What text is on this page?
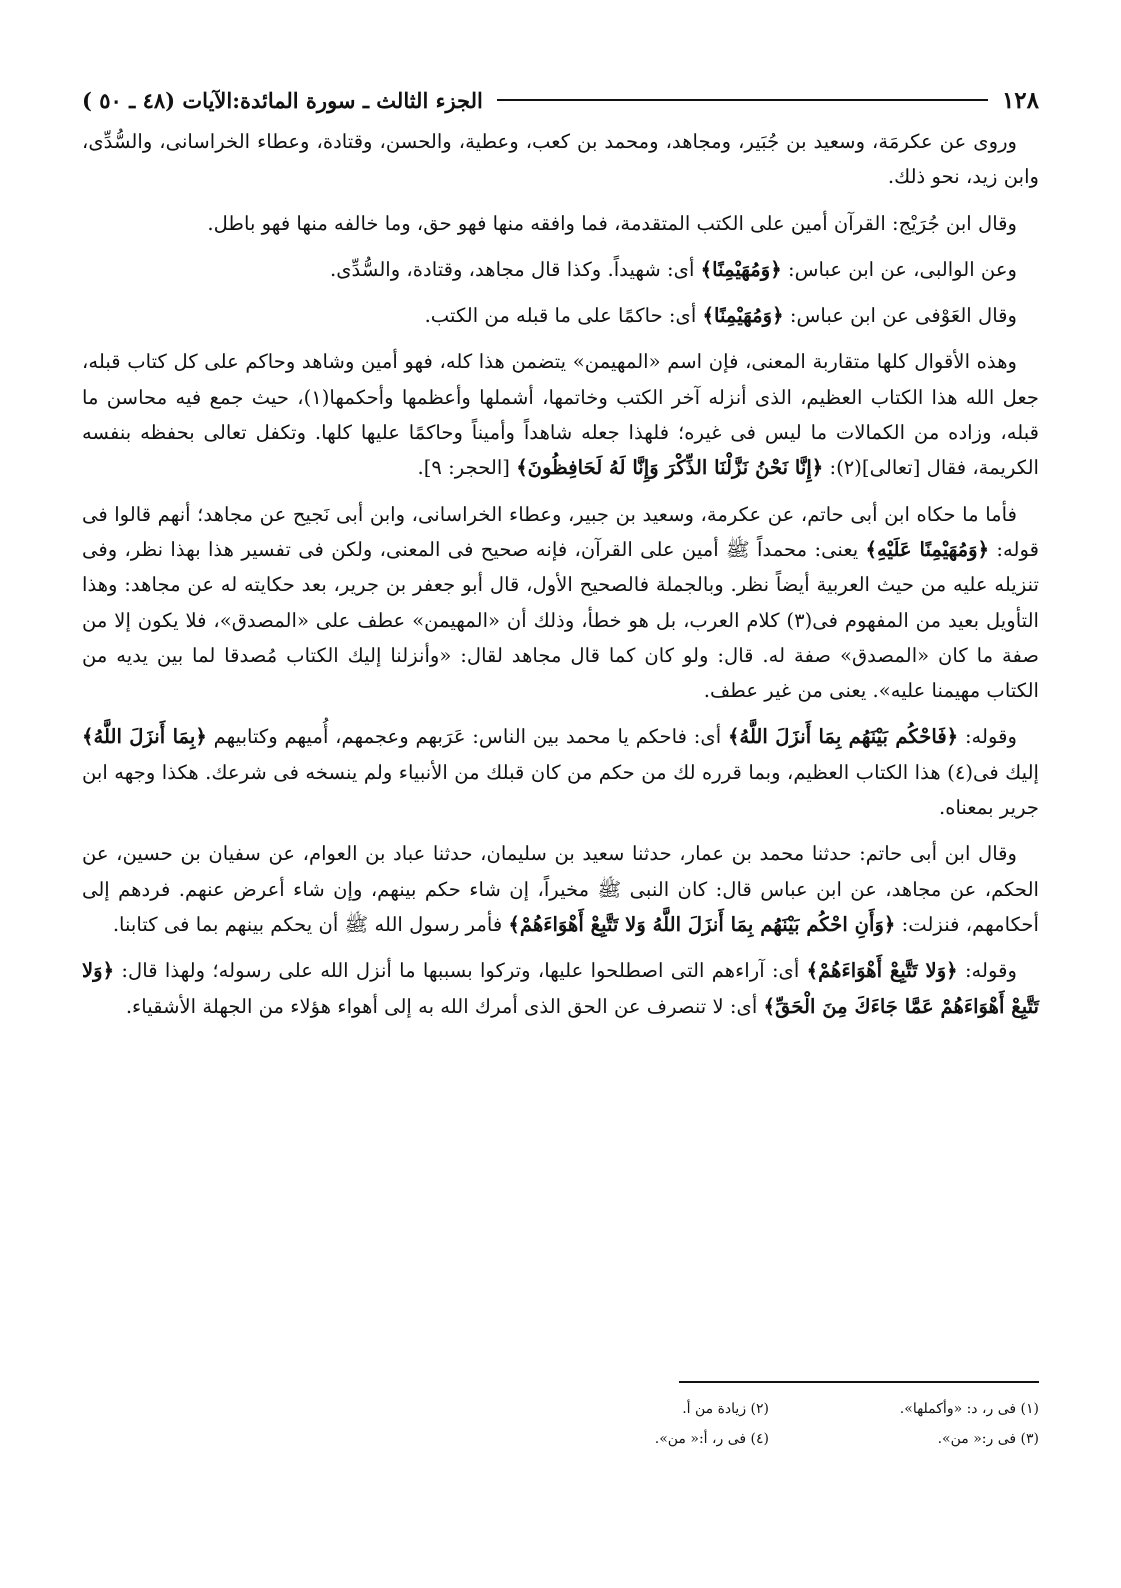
١٢٨
الجزء الثالث ـ سورة المائدة:الآيات (٤٨ ـ ٥٠ )

وروى عن عكرمَة، وسعيد بن جُبَير، ومجاهد، ومحمد بن كعب، وعطية، والحسن، وقتادة، وعطاء الخراسانى، والسُّدِّى، وابن زيد، نحو ذلك.

وقال ابن جُرَيْج: القرآن أمين على الكتب المتقدمة، فما وافقه منها فهو حق، وما خالفه منها فهو باطل.

وعن الوالبى، عن ابن عباس: ﴿وَمُهَيْمِنًا﴾ أى: شهيداً. وكذا قال مجاهد، وقتادة، والسُّدِّى.

وقال العَوْفى عن ابن عباس: ﴿وَمُهَيْمِنًا﴾ أى: حاكمًا على ما قبله من الكتب.

وهذه الأقوال كلها متقاربة المعنى، فإن اسم «المهيمن» يتضمن هذا كله، فهو أمين وشاهد وحاكم على كل كتاب قبله، جعل الله هذا الكتاب العظيم، الذى أنزله آخر الكتب وخاتمها، أشملها وأعظمها وأحكمها(١)، حيث جمع فيه محاسن ما قبله، وزاده من الكمالات ما ليس فى غيره؛ فلهذا جعله شاهداً وأميناً وحاكمًا عليها كلها. وتكفل تعالى بحفظه بنفسه الكريمة، فقال [تعالى](٢): ﴿إِنَّا نَحْنُ نَزَّلْنَا الذِّكْرَ وَإِنَّا لَهُ لَحَافِظُونَ﴾ [الحجر: ٩].

فأما ما حكاه ابن أبى حاتم، عن عكرمة، وسعيد بن جبير، وعطاء الخراسانى، وابن أبى نَجيح عن مجاهد؛ أنهم قالوا فى قوله: ﴿وَمُهَيْمِنًا عَلَيْهِ﴾ يعنى: محمداً ﷺ أمين على القرآن، فإنه صحيح فى المعنى، ولكن فى تفسير هذا بهذا نظر، وفى تنزيله عليه من حيث العربية أيضاً نظر. وبالجملة فالصحيح الأول، قال أبو جعفر بن جرير، بعد حكايته له عن مجاهد: وهذا التأويل بعيد من المفهوم فى(٣) كلام العرب، بل هو خطأ، وذلك أن «المهيمن» عطف على «المصدق»، فلا يكون إلا من صفة ما كان «المصدق» صفة له. قال: ولو كان كما قال مجاهد لقال: «وأنزلنا إليك الكتاب مُصدقا لما بين يديه من الكتاب مهيمنا عليه». يعنى من غير عطف.

وقوله: ﴿فَاحْكُم بَيْنَهُم بِمَا أَنزَلَ اللَّهُ﴾ أى: فاحكم يا محمد بين الناس: عَرَبهم وعجمهم، أُميهم وكتابيهم ﴿بِمَا أَنزَلَ اللَّهُ﴾ إليك فى(٤) هذا الكتاب العظيم، وبما قرره لك من حكم من كان قبلك من الأنبياء ولم ينسخه فى شرعك. هكذا وجهه ابن جرير بمعناه.

وقال ابن أبى حاتم: حدثنا محمد بن عمار، حدثنا سعيد بن سليمان، حدثنا عباد بن العوام، عن سفيان بن حسين، عن الحكم، عن مجاهد، عن ابن عباس قال: كان النبى ﷺ مخيراً، إن شاء حكم بينهم، وإن شاء أعرض عنهم. فردهم إلى أحكامهم، فنزلت: ﴿وَأَنِ احْكُم بَيْنَهُم بِمَا أَنزَلَ اللَّهُ وَلا تَتَّبِعْ أَهْوَاءَهُمْ﴾ فأمر رسول الله ﷺ أن يحكم بينهم بما فى كتابنا.

وقوله: ﴿وَلا تَتَّبِعْ أَهْوَاءَهُمْ﴾ أى: آراءهم التى اصطلحوا عليها، وتركوا بسببها ما أنزل الله على رسوله؛ ولهذا قال: ﴿وَلا تَتَّبِعْ أَهْوَاءَهُمْ عَمَّا جَاءَكَ مِنَ الْحَقِّ﴾ أى: لا تنصرف عن الحق الذى أمرك الله به إلى أهواء هؤلاء من الجهلة الأشقياء.

(١) فى ر، د: «وأكملها».
(٢) زيادة من أ.
(٣) فى ر:« من».
(٤) فى ر، أ:« من».
